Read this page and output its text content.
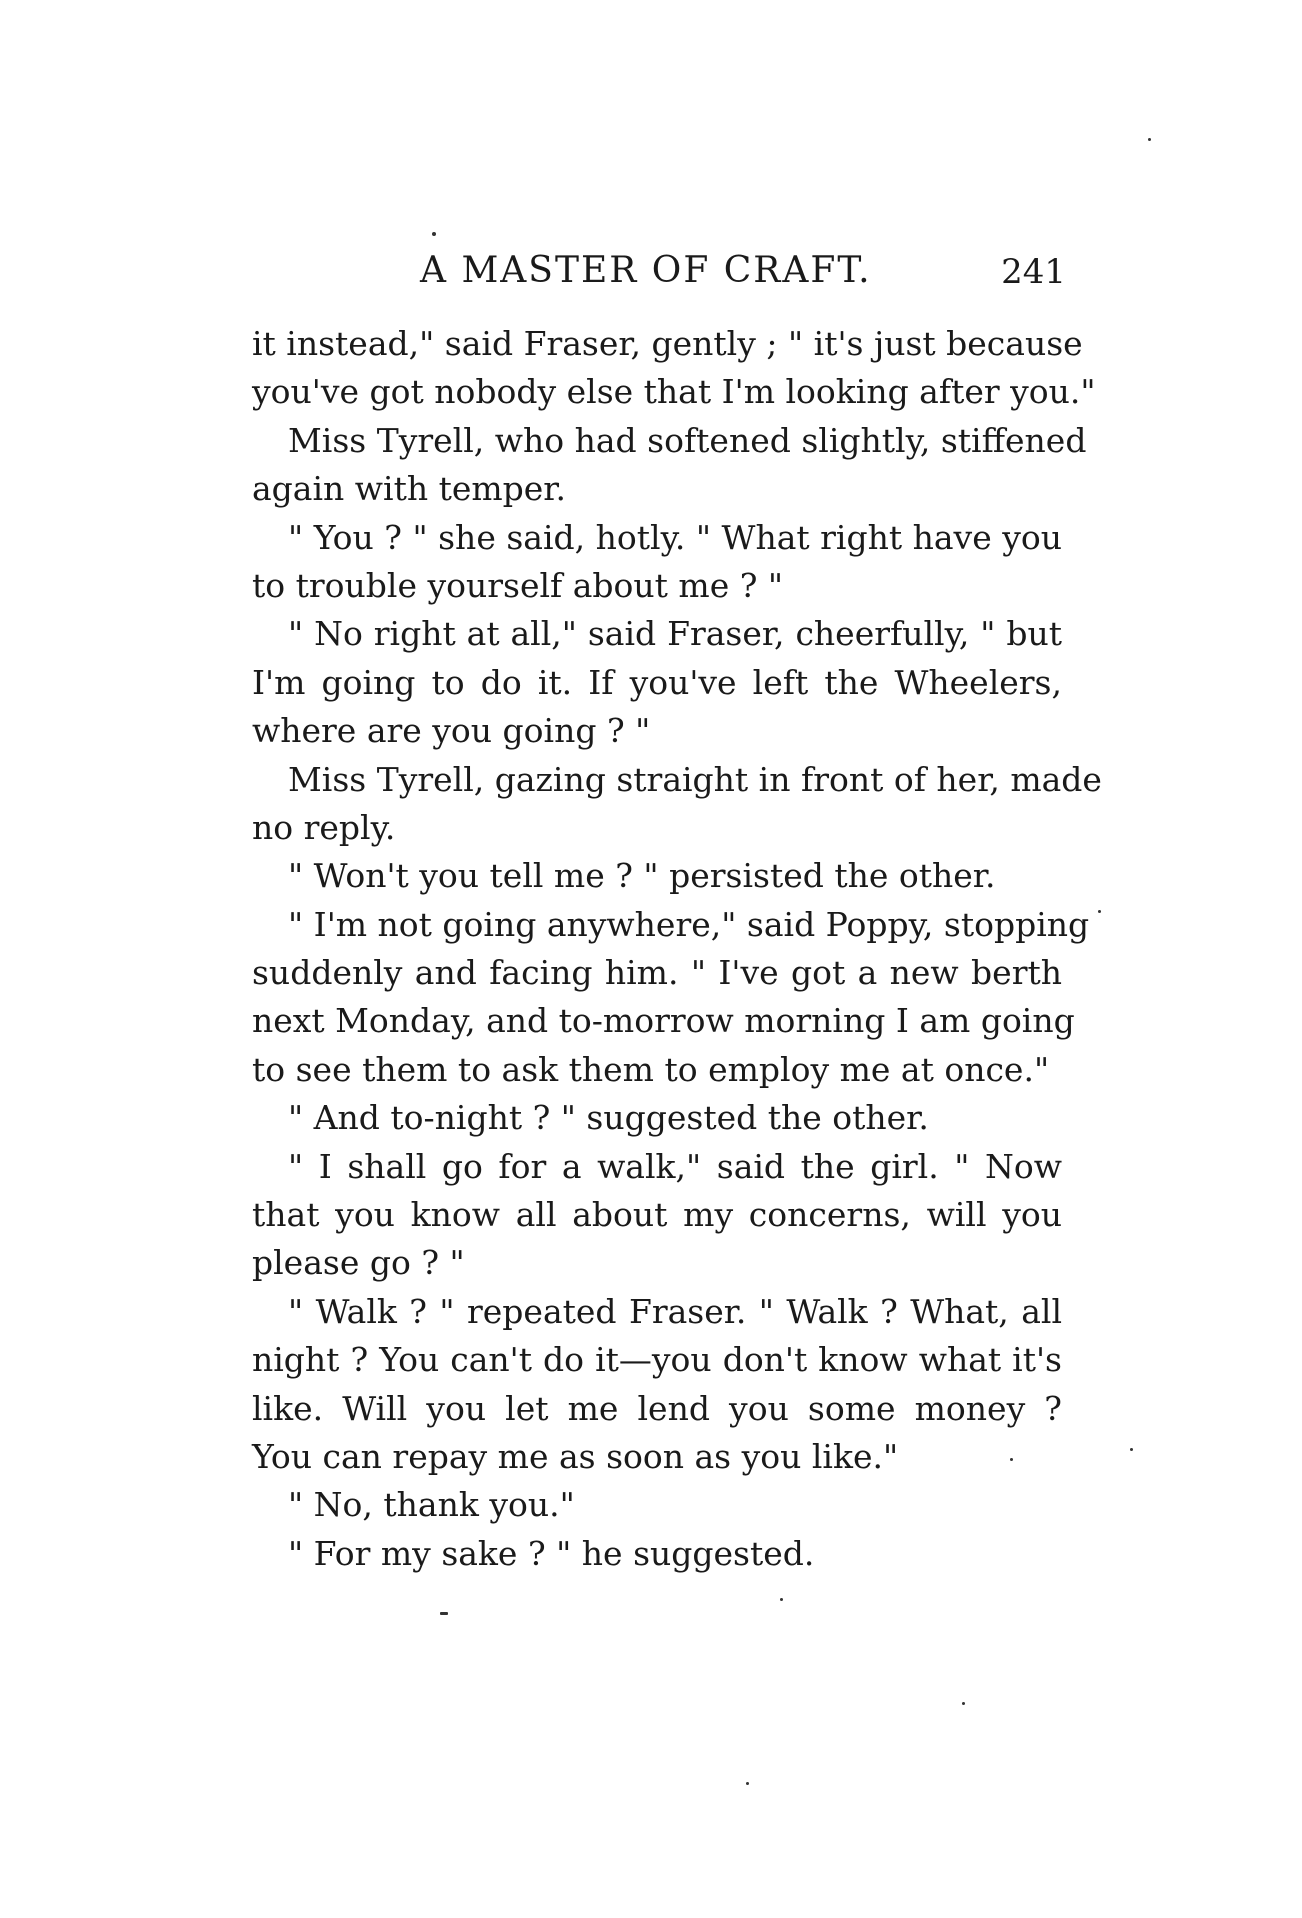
A MASTER OF CRAFT.	241
it instead," said Fraser, gently ; " it's just because
you've got nobody else that I'm looking after you."
Miss Tyrell, who had softened slightly, stiffened
again with temper.
" You ? " she said, hotly. " What right have you
to trouble yourself about me ? "
" No right at all," said Fraser, cheerfully, " but
I'm going to do it. If you've left the Wheelers,
where are you going ? "
Miss Tyrell, gazing straight in front of her, made
no reply.
" Won't you tell me ? " persisted the other.
" I'm not going anywhere," said Poppy, stopping
suddenly and facing him. " I've got a new berth
next Monday, and to-morrow morning I am going
to see them to ask them to employ me at once."
" And to-night ? " suggested the other.
" I shall go for a walk," said the girl. " Now
that you know all about my concerns, will you
please go ? "
" Walk ? " repeated Fraser. " Walk ? What, all
night ? You can't do it—you don't know what it's
like. Will you let me lend you some money ?
You can repay me as soon as you like."
" No, thank you."
" For my sake ? " he suggested.
